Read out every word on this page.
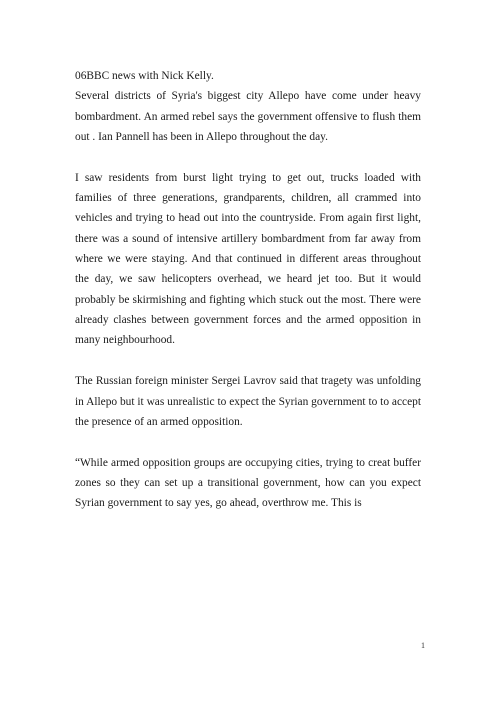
06BBC news with Nick Kelly.

Several districts of Syria's biggest city Allepo have come under heavy bombardment. An armed rebel says the government offensive to flush them out . Ian Pannell has been in Allepo throughout the day.

I saw residents from burst light trying to get out, trucks loaded with families of three generations, grandparents, children, all crammed into vehicles and trying to head out into the countryside. From again first light, there was a sound of intensive artillery bombardment from far away from where we were staying. And that continued in different areas throughout the day, we saw helicopters overhead, we heard jet too. But it would probably be skirmishing and fighting which stuck out the most. There were already clashes between government forces and the armed opposition in many neighbourhood.

The Russian foreign minister Sergei Lavrov said that tragety was unfolding in Allepo but it was unrealistic to expect the Syrian government to to accept the presence of an armed opposition.

“While armed opposition groups are occupying cities, trying to creat buffer zones so they can set up a transitional government, how can you expect Syrian government to say yes, go ahead, overthrow me. This is

1
